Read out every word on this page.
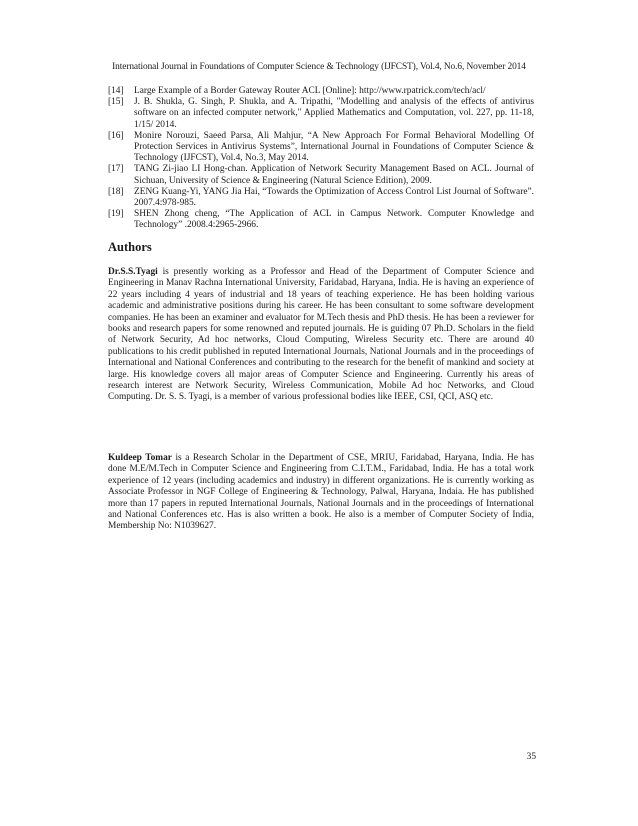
International Journal in Foundations of Computer Science & Technology (IJFCST), Vol.4, No.6, November 2014
[14]	Large Example of a Border Gateway Router ACL [Online]: http://www.rpatrick.com/tech/acl/
[15]	J. B. Shukla, G. Singh, P. Shukla, and A. Tripathi, "Modelling and analysis of the effects of antivirus software on an infected computer network," Applied Mathematics and Computation, vol. 227, pp. 11-18, 1/15/ 2014.
[16]	Monire Norouzi, Saeed Parsa, Ali Mahjur, “A New Approach For Formal Behavioral Modelling Of Protection Services in Antivirus Systems”, International Journal in Foundations of Computer Science & Technology (IJFCST), Vol.4, No.3, May 2014.
[17]	TANG Zi-jiao LI Hong-chan. Application of Network Security Management Based on ACL. Journal of Sichuan, University of Science & Engineering (Natural Science Edition), 2009.
[18]	ZENG Kuang-Yi, YANG Jia Hai, “Towards the Optimization of Access Control List Journal of Software”. 2007.4:978-985.
[19]	SHEN Zhong cheng, “The Application of ACL in Campus Network. Computer Knowledge and Technology” .2008.4:2965-2966.
Authors
Dr.S.S.Tyagi is presently working as a Professor and Head of the Department of Computer Science and Engineering in Manav Rachna International University, Faridabad, Haryana, India. He is having an experience of 22 years including 4 years of industrial and 18 years of teaching experience. He has been holding various academic and administrative positions during his career. He has been consultant to some software development companies. He has been an examiner and evaluator for M.Tech thesis and PhD thesis. He has been a reviewer for books and research papers for some renowned and reputed journals. He is guiding 07 Ph.D. Scholars in the field of Network Security, Ad hoc networks, Cloud Computing, Wireless Security etc. There are around 40 publications to his credit published in reputed International Journals, National Journals and in the proceedings of International and National Conferences and contributing to the research for the benefit of mankind and society at large. His knowledge covers all major areas of Computer Science and Engineering. Currently his areas of research interest are Network Security, Wireless Communication, Mobile Ad hoc Networks, and Cloud Computing. Dr. S. S. Tyagi, is a member of various professional bodies like IEEE, CSI, QCI, ASQ etc.
Kuldeep Tomar is a Research Scholar in the Department of CSE, MRIU, Faridabad, Haryana, India. He has done M.E/M.Tech in Computer Science and Engineering from C.I.T.M., Faridabad, India. He has a total work experience of 12 years (including academics and industry) in different organizations. He is currently working as Associate Professor in NGF College of Engineering & Technology, Palwal, Haryana, Indaia. He has published more than 17 papers in reputed International Journals, National Journals and in the proceedings of International and National Conferences etc. Has is also written a book. He also is a member of Computer Society of India, Membership No: N1039627.
35
